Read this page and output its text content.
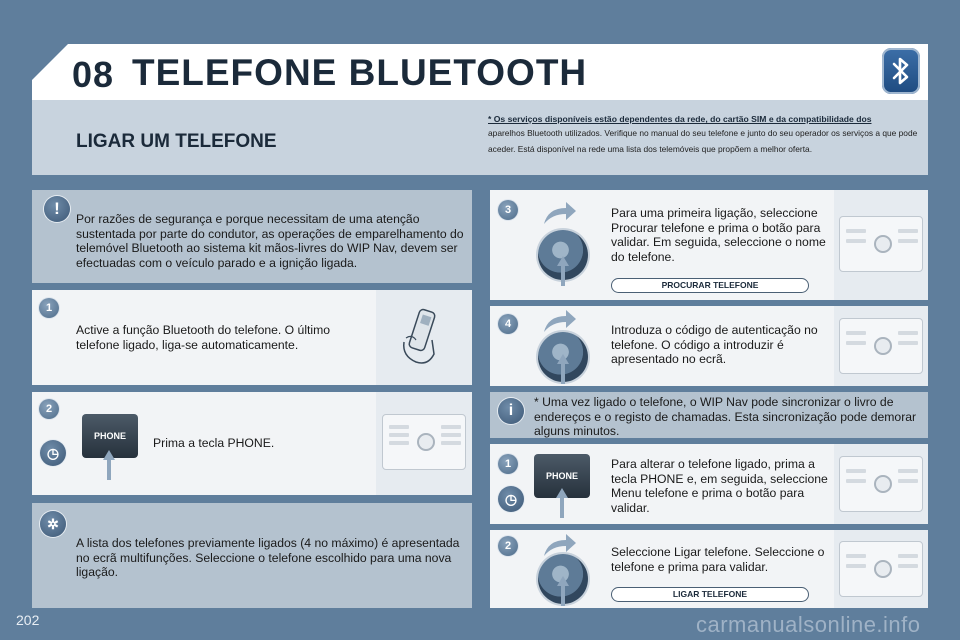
08 TELEFONE BLUETOOTH
LIGAR UM TELEFONE
* Os serviços disponíveis estão dependentes da rede, do cartão SIM e da compatibilidade dos
aparelhos Bluetooth utilizados. Verifique no manual do seu telefone e junto do seu operador os serviços a que pode aceder. Está disponível na rede uma lista dos telemóveis que propõem a melhor oferta.
!
Por razões de segurança e porque necessitam de uma atenção sustentada por parte do condutor, as operações de emparelhamento do telemóvel Bluetooth ao sistema kit mãos-livres do WIP Nav, devem ser efectuadas com o veículo parado e a ignição ligada.
1
Active a função Bluetooth do telefone. O último telefone ligado, liga-se automaticamente.
2
◷
PHONE	Prima a tecla PHONE.
✲
A lista dos telefones previamente ligados (4 no máximo) é apresentada no ecrã multifunções. Seleccione o telefone escolhido para uma nova ligação.
3	Para uma primeira ligação, seleccione Procurar telefone e prima o botão para validar. Em seguida, seleccione o nome do telefone.
PROCURAR TELEFONE
4	Introduza o código de autenticação no telefone. O código a introduzir é apresentado no ecrã.
i	* Uma vez ligado o telefone, o WIP Nav pode sincronizar o livro de endereços e o registo de chamadas. Esta sincronização pode demorar alguns minutos.
1
◷
PHONE
Para alterar o telefone ligado, prima a tecla PHONE e, em seguida, seleccione Menu telefone e prima o botão para validar.
2	Seleccione Ligar telefone. Seleccione o telefone e prima para validar.
LIGAR TELEFONE
202	carmanualsonline.info
